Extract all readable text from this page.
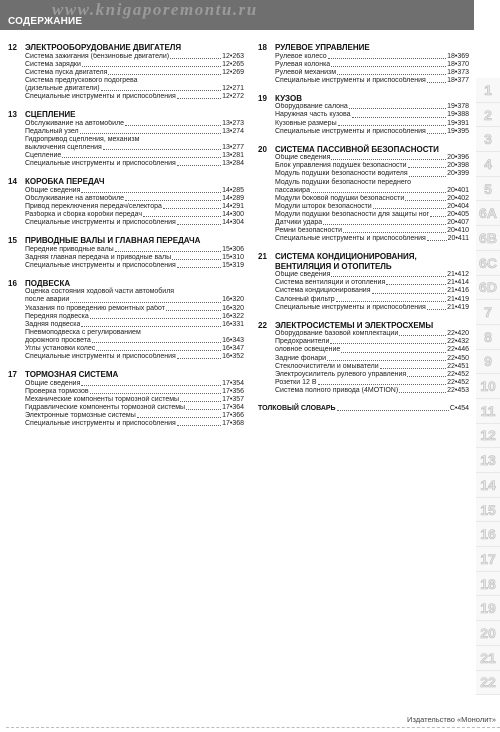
www.knigaporemontu.ru
СОДЕРЖАНИЕ
12	ЭЛЕКТРООБОРУДОВАНИЕ ДВИГАТЕЛЯ
Система зажигания (бензиновые двигатели)	12•263
Система зарядки	12•265
Система пуска двигателя	12•269
Система предпускового подогрева
(дизельные двигатели)	12•271
Специальные инструменты и приспособления	12•272
13	СЦЕПЛЕНИЕ
Обслуживание на автомобиле	13•273
Педальный узел	13•274
Гидропривод сцепления, механизм
выключения сцепления	13•277
Сцепление	13•281
Специальные инструменты и приспособления	13•284
14	КОРОБКА ПЕРЕДАЧ
Общие сведения	14•285
Обслуживание на автомобиле	14•289
Привод переключения передач/селектора	14•291
Разборка и сборка коробки передач	14•300
Специальные инструменты и приспособления	14•304
15	ПРИВОДНЫЕ ВАЛЫ И ГЛАВНАЯ ПЕРЕДАЧА
Передние приводные валы	15•306
Задняя главная передача и приводные валы	15•310
Специальные инструменты и приспособления	15•319
16	ПОДВЕСКА
Оценка состояния ходовой части автомобиля
после аварии	16•320
Указания по проведению ремонтных работ	16•320
Передняя подвеска	16•322
Задняя подвеска	16•331
Пневмоподвеска с регулированием
дорожного просвета	16•343
Углы установки колес	16•347
Специальные инструменты и приспособления	16•352
17	ТОРМОЗНАЯ СИСТЕМА
Общие сведения	17•354
Проверка тормозов	17•356
Механические компоненты тормозной системы	17•357
Гидравлические компоненты тормозной системы	17•364
Электронные тормозные системы	17•366
Специальные инструменты и приспособления	17•368
18	РУЛЕВОЕ УПРАВЛЕНИЕ
Рулевое колесо	18•369
Рулевая колонка	18•370
Рулевой механизм	18•373
Специальные инструменты и приспособления	18•377
19	КУЗОВ
Оборудование салона	19•378
Наружная часть кузова	19•388
Кузовные размеры	19•391
Специальные инструменты и приспособления	19•395
20	СИСТЕМА ПАССИВНОЙ БЕЗОПАСНОСТИ
Общие сведения	20•396
Блок управления подушек безопасности	20•398
Модуль подушки безопасности водителя	20•399
Модуль подушки безопасности переднего
пассажира	20•401
Модули боковой подушки безопасности	20•402
Модули шторок безопасности	20•404
Модули подушки безопасности для защиты ног	20•405
Датчики удара	20•407
Ремни безопасности	20•410
Специальные инструменты и приспособления	20•411
21	СИСТЕМА КОНДИЦИОНИРОВАНИЯ, ВЕНТИЛЯЦИЯ И ОТОПИТЕЛЬ
Общие сведения	21•412
Система вентиляции и отопления	21•414
Система кондиционирования	21•416
Салонный фильтр	21•419
Специальные инструменты и приспособления	21•419
22	ЭЛЕКТРОСИСТЕМЫ И ЭЛЕКТРОСХЕМЫ
Оборудование базовой комплектации	22•420
Предохранители	22•432
оловное освещение	22•446
Задние фонари	22•450
Стеклоочистители и омыватели	22•451
Электроусилитель рулевого управления	22•452
Розетки 12 В	22•452
Система полного привода (4MOTION)	22•453
ТОЛКОВЫЙ СЛОВАРЬ	С•454
1
2
3
4
5
6A
6B
6C
6D
7
8
9
10
11
12
13
14
15
16
17
18
19
20
21
22
Издательство «Монолит»
